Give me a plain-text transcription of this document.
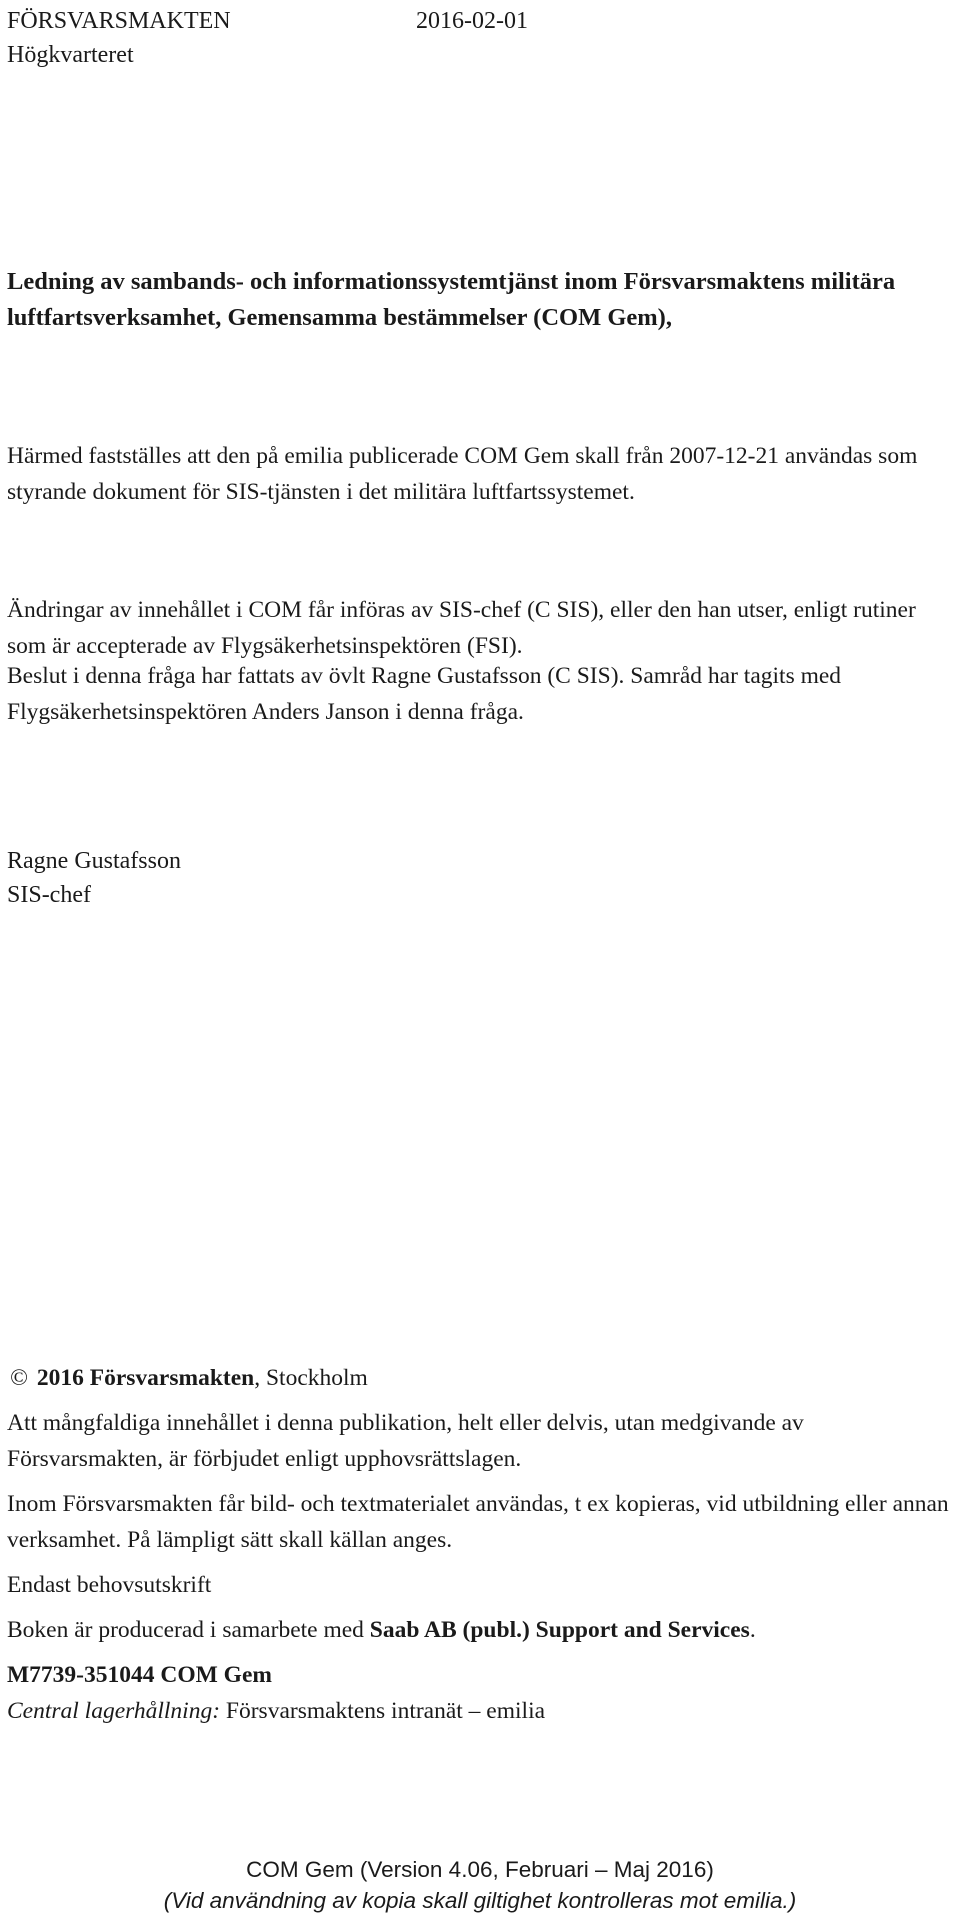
FÖRSVARSMAKTEN	2016-02-01
Högkvarteret
Ledning av sambands- och informationssystemtjänst inom Försvarsmaktens militära luftfartsverksamhet, Gemensamma bestämmelser (COM Gem),
Härmed fastställes att den på emilia publicerade COM Gem skall från 2007-12-21 användas som styrande dokument för SIS-tjänsten i det militära luftfartssystemet.
Ändringar av innehållet i COM får införas av SIS-chef (C SIS), eller den han utser, enligt rutiner som är accepterade av Flygsäkerhetsinspektören (FSI).
Beslut i denna fråga har fattats av övlt Ragne Gustafsson (C SIS). Samråd har tagits med Flygsäkerhetsinspektören Anders Janson i denna fråga.
Ragne Gustafsson
SIS-chef

© 2016 Försvarsmakten, Stockholm

Att mångfaldiga innehållet i denna publikation, helt eller delvis, utan medgivande av Försvarsmakten, är förbjudet enligt upphovsrättslagen.

Inom Försvarsmakten får bild- och textmaterialet användas, t ex kopieras, vid utbildning eller annan verksamhet. På lämpligt sätt skall källan anges.

Endast behovsutskrift

Boken är producerad i samarbete med Saab AB (publ.) Support and Services.

M7739-351044 COM Gem
Central lagerhållning: Försvarsmaktens intranät – emilia

COM Gem (Version 4.06, Februari – Maj 2016)
(Vid användning av kopia skall giltighet kontrolleras mot emilia.)
